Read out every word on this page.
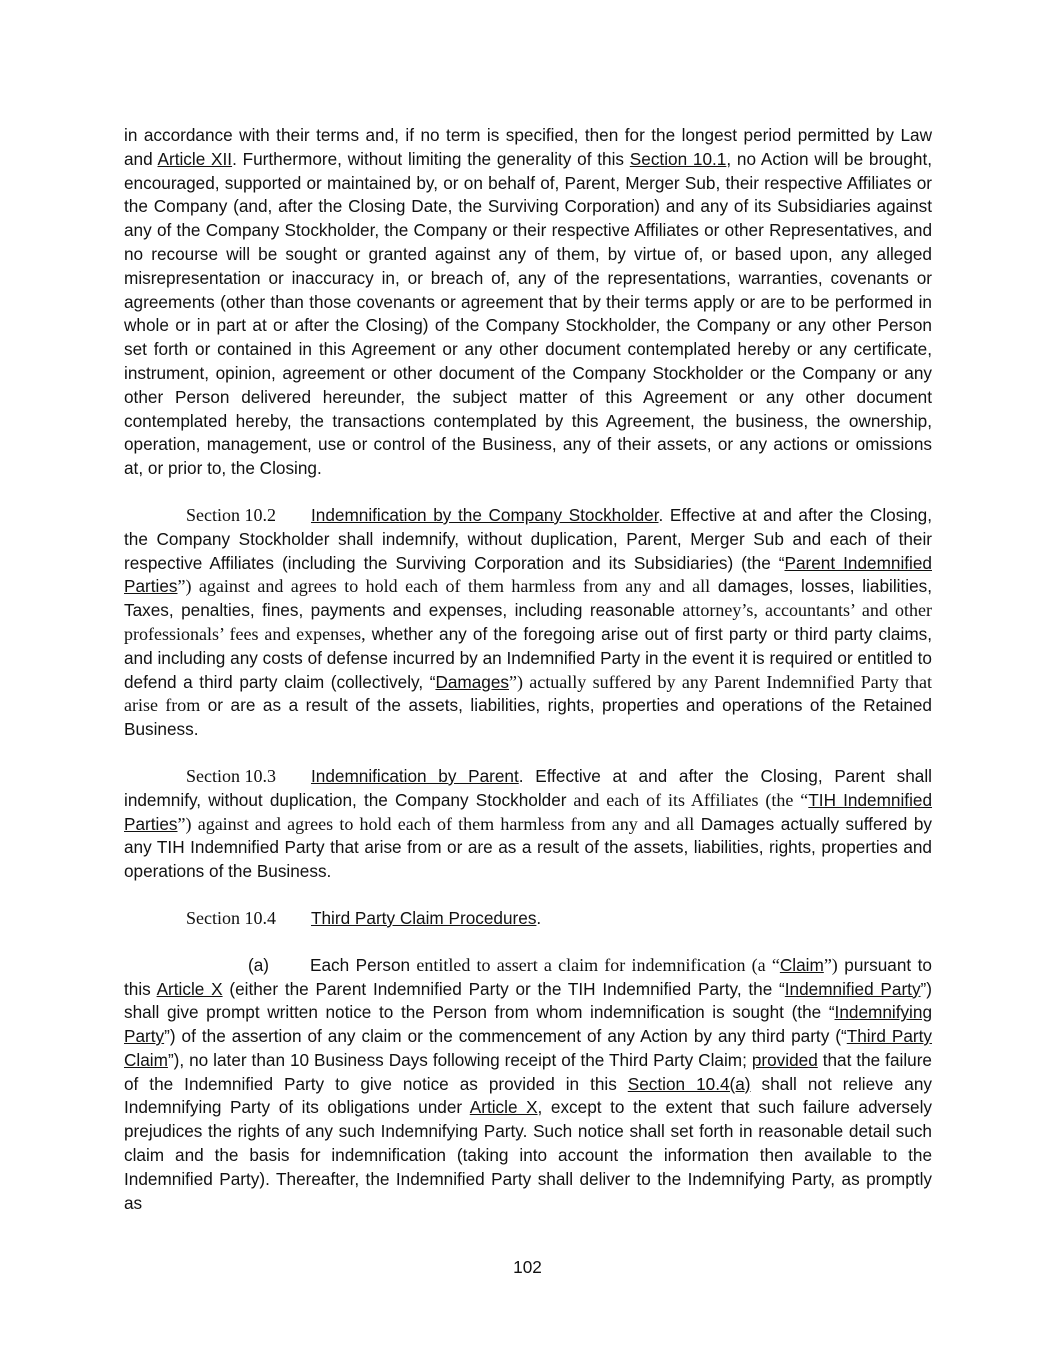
in accordance with their terms and, if no term is specified, then for the longest period permitted by Law and Article XII. Furthermore, without limiting the generality of this Section 10.1, no Action will be brought, encouraged, supported or maintained by, or on behalf of, Parent, Merger Sub, their respective Affiliates or the Company (and, after the Closing Date, the Surviving Corporation) and any of its Subsidiaries against any of the Company Stockholder, the Company or their respective Affiliates or other Representatives, and no recourse will be sought or granted against any of them, by virtue of, or based upon, any alleged misrepresentation or inaccuracy in, or breach of, any of the representations, warranties, covenants or agreements (other than those covenants or agreement that by their terms apply or are to be performed in whole or in part at or after the Closing) of the Company Stockholder, the Company or any other Person set forth or contained in this Agreement or any other document contemplated hereby or any certificate, instrument, opinion, agreement or other document of the Company Stockholder or the Company or any other Person delivered hereunder, the subject matter of this Agreement or any other document contemplated hereby, the transactions contemplated by this Agreement, the business, the ownership, operation, management, use or control of the Business, any of their assets, or any actions or omissions at, or prior to, the Closing.

Section 10.2 Indemnification by the Company Stockholder. Effective at and after the Closing, the Company Stockholder shall indemnify, without duplication, Parent, Merger Sub and each of their respective Affiliates (including the Surviving Corporation and its Subsidiaries) (the “Parent Indemnified Parties”) against and agrees to hold each of them harmless from any and all damages, losses, liabilities, Taxes, penalties, fines, payments and expenses, including reasonable attorney’s, accountants’ and other professionals’ fees and expenses, whether any of the foregoing arise out of first party or third party claims, and including any costs of defense incurred by an Indemnified Party in the event it is required or entitled to defend a third party claim (collectively, “Damages”) actually suffered by any Parent Indemnified Party that arise from or are as a result of the assets, liabilities, rights, properties and operations of the Retained Business.

Section 10.3 Indemnification by Parent. Effective at and after the Closing, Parent shall indemnify, without duplication, the Company Stockholder and each of its Affiliates (the “TIH Indemnified Parties”) against and agrees to hold each of them harmless from any and all Damages actually suffered by any TIH Indemnified Party that arise from or are as a result of the assets, liabilities, rights, properties and operations of the Business.

Section 10.4 Third Party Claim Procedures.

(a) Each Person entitled to assert a claim for indemnification (a “Claim”) pursuant to this Article X (either the Parent Indemnified Party or the TIH Indemnified Party, the “Indemnified Party”) shall give prompt written notice to the Person from whom indemnification is sought (the “Indemnifying Party”) of the assertion of any claim or the commencement of any Action by any third party (“Third Party Claim”), no later than 10 Business Days following receipt of the Third Party Claim; provided that the failure of the Indemnified Party to give notice as provided in this Section 10.4(a) shall not relieve any Indemnifying Party of its obligations under Article X, except to the extent that such failure adversely prejudices the rights of any such Indemnifying Party. Such notice shall set forth in reasonable detail such claim and the basis for indemnification (taking into account the information then available to the Indemnified Party). Thereafter, the Indemnified Party shall deliver to the Indemnifying Party, as promptly as

102
